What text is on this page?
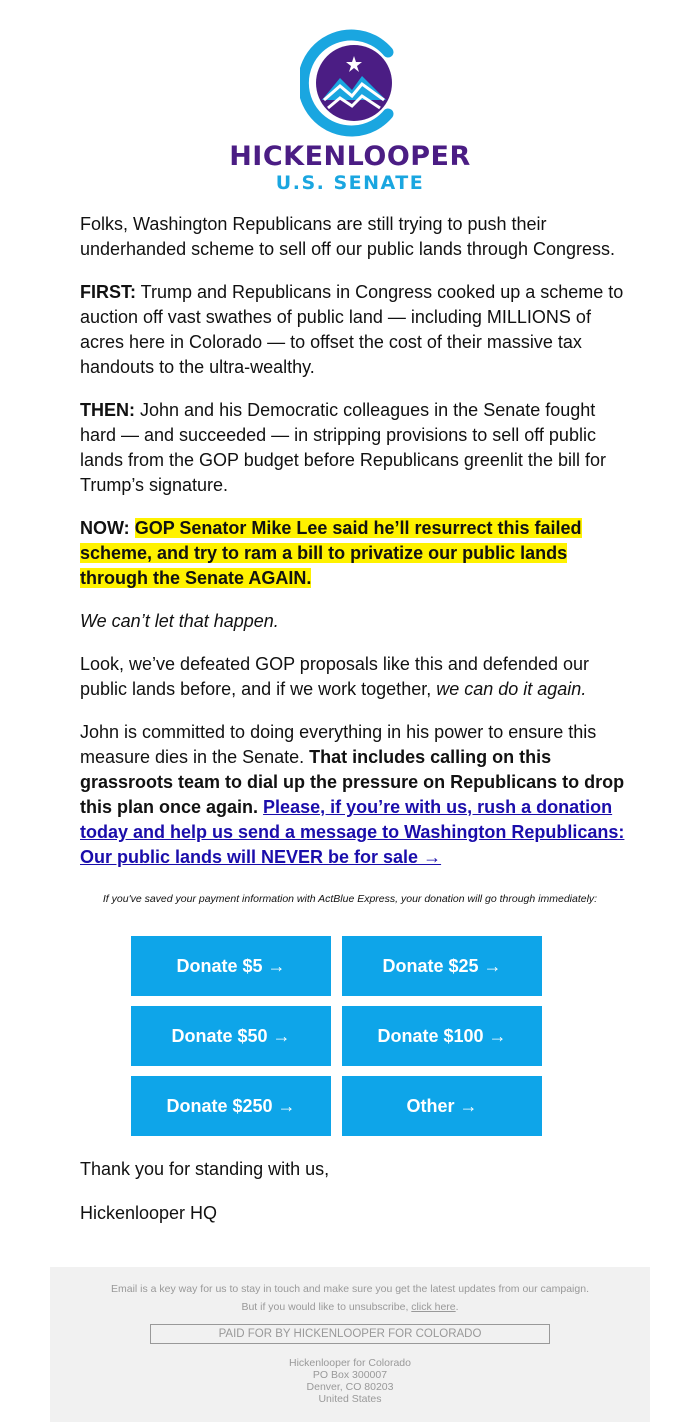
HICKENLOOPER
U.S. SENATE

Folks, Washington Republicans are still trying to push their underhanded scheme to sell off our public lands through Congress.

FIRST: Trump and Republicans in Congress cooked up a scheme to auction off vast swathes of public land — including MILLIONS of acres here in Colorado — to offset the cost of their massive tax handouts to the ultra-wealthy.

THEN: John and his Democratic colleagues in the Senate fought hard — and succeeded — in stripping provisions to sell off public lands from the GOP budget before Republicans greenlit the bill for Trump’s signature.

NOW: GOP Senator Mike Lee said he’ll resurrect this failed scheme, and try to ram a bill to privatize our public lands through the Senate AGAIN.

We can’t let that happen.

Look, we’ve defeated GOP proposals like this and defended our public lands before, and if we work together, we can do it again.

John is committed to doing everything in his power to ensure this measure dies in the Senate. That includes calling on this grassroots team to dial up the pressure on Republicans to drop this plan once again. Please, if you’re with us, rush a donation today and help us send a message to Washington Republicans: Our public lands will NEVER be for sale →

If you've saved your payment information with ActBlue Express, your donation will go through immediately:
Donate $5 →	Donate $25 →
Donate $50 →	Donate $100 →
Donate $250 →	Other →
Thank you for standing with us,
Hickenlooper HQ
Email is a key way for us to stay in touch and make sure you get the latest updates from our campaign.
But if you would like to unsubscribe, click here.
PAID FOR BY HICKENLOOPER FOR COLORADO
Hickenlooper for Colorado
PO Box 300007
Denver, CO 80203
United States
